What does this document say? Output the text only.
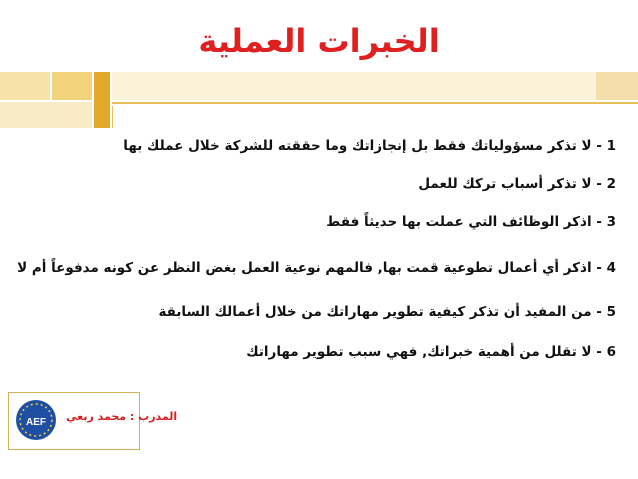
الخبرات العملية
1 - لا تذكر مسؤولياتك فقط بل إنجازاتك وما حققته للشركة خلال عملك بها
2 - لا تذكر أسباب تركك للعمل
3 - اذكر الوظائف التي عملت بها حديثاً فقط
4 - اذكر أي أعمال تطوعية قمت بها, فالمهم نوعية العمل بغض النظر عن كونه مدفوعاً أم لا
5 - من المفيد أن تذكر كيفية تطوير مهاراتك من خلال أعمالك السابقة
6 - لا تقلل من أهمية خبراتك, فهي سبب تطوير مهاراتك
AEF المدرب : محمد ربعي
